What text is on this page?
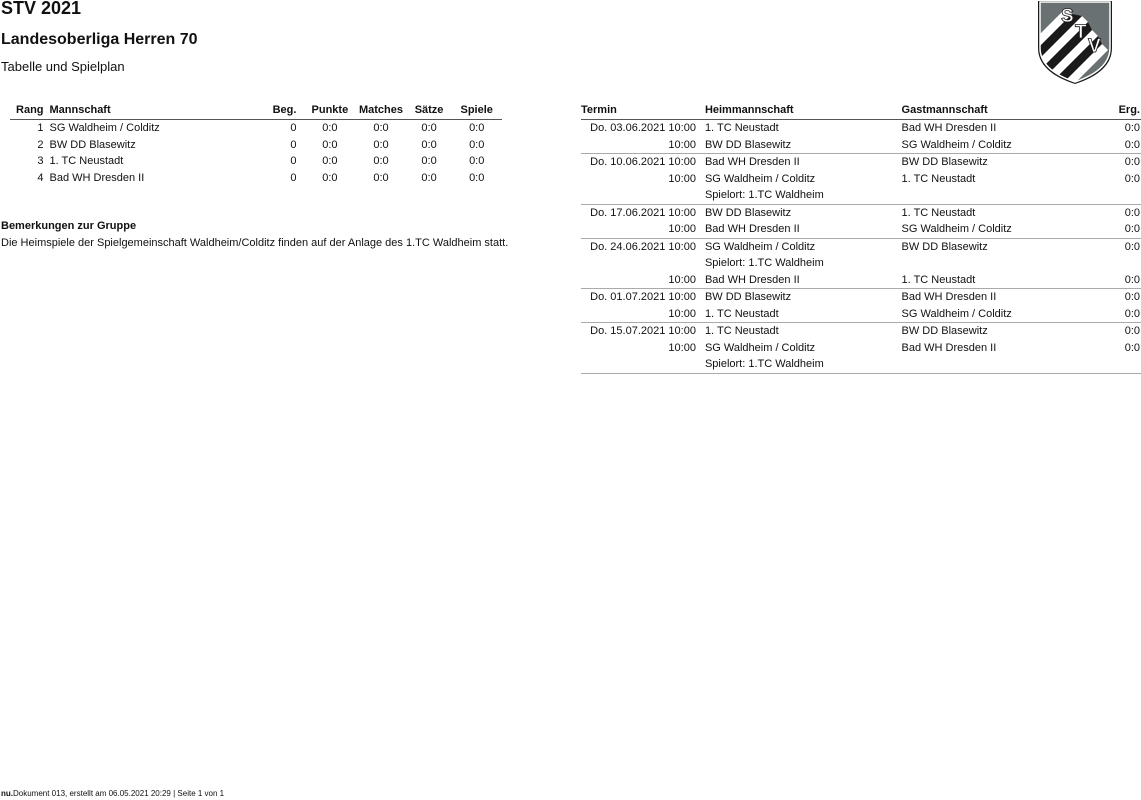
STV 2021
Landesoberliga Herren 70
Tabelle und Spielplan
S
T
V
Rang	Mannschaft	Beg.	Punkte	Matches	Sätze	Spiele
1	SG Waldheim / Colditz	0	0:0	0:0	0:0	0:0
2	BW DD Blasewitz	0	0:0	0:0	0:0	0:0
3	1. TC Neustadt	0	0:0	0:0	0:0	0:0
4	Bad WH Dresden II	0	0:0	0:0	0:0	0:0
Bemerkungen zur Gruppe
Die Heimspiele der Spielgemeinschaft Waldheim/Colditz finden auf der Anlage des 1.TC Waldheim statt.
Termin	Heimmannschaft	Gastmannschaft	Erg.
Do. 03.06.2021 10:00	1. TC Neustadt	Bad WH Dresden II	0:0
10:00	BW DD Blasewitz	SG Waldheim / Colditz	0:0
Do. 10.06.2021 10:00	Bad WH Dresden II	BW DD Blasewitz	0:0
10:00	SG Waldheim / Colditz	1. TC Neustadt	0:0
	Spielort: 1.TC Waldheim		
Do. 17.06.2021 10:00	BW DD Blasewitz	1. TC Neustadt	0:0
10:00	Bad WH Dresden II	SG Waldheim / Colditz	0:0
Do. 24.06.2021 10:00	SG Waldheim / Colditz	BW DD Blasewitz	0:0
	Spielort: 1.TC Waldheim		
10:00	Bad WH Dresden II	1. TC Neustadt	0:0
Do. 01.07.2021 10:00	BW DD Blasewitz	Bad WH Dresden II	0:0
10:00	1. TC Neustadt	SG Waldheim / Colditz	0:0
Do. 15.07.2021 10:00	1. TC Neustadt	BW DD Blasewitz	0:0
10:00	SG Waldheim / Colditz	Bad WH Dresden II	0:0
	Spielort: 1.TC Waldheim		
nu.Dokument 013, erstellt am 06.05.2021 20:29 | Seite 1 von 1
